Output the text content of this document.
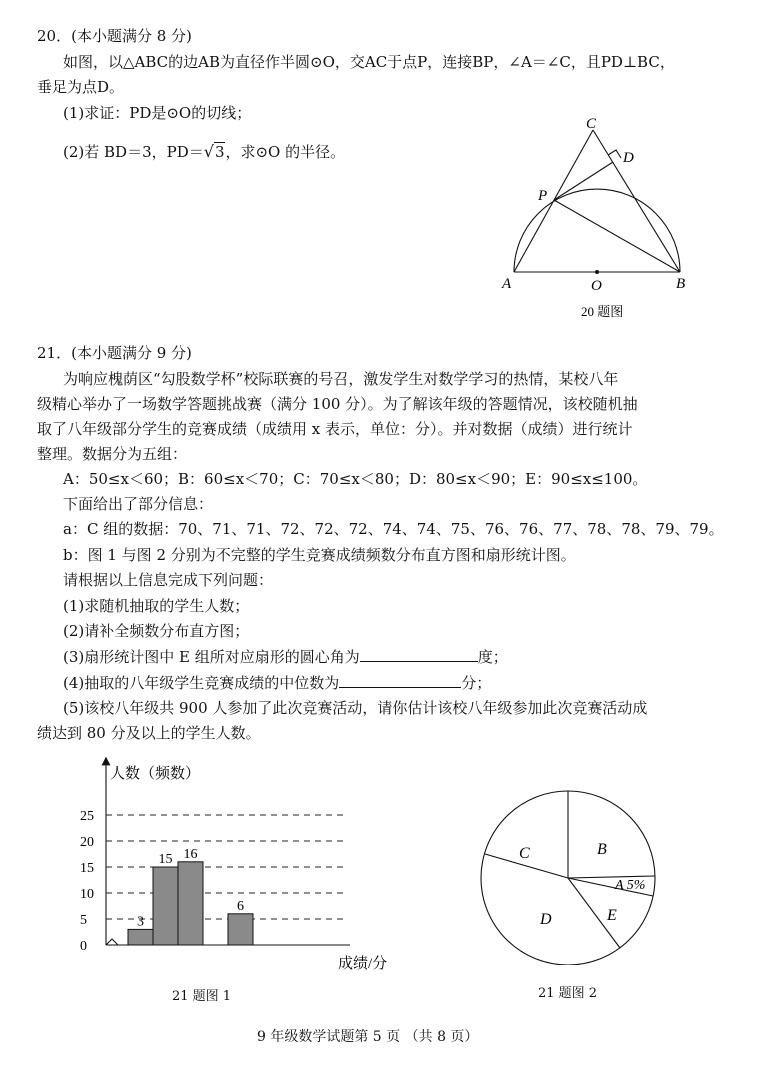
20．(本小题满分 8 分)
如图，以△ABC的边AB为直径作半圆⊙O，交AC于点P，连接BP，∠A＝∠C，且PD⊥BC，
垂足为点D。
(1)求证：PD是⊙O的切线；
(2)若 BD＝3，PD＝√3，求⊙O 的半径。
C
D
P
A	O	B
20 题图
21．(本小题满分 9 分)
为响应槐荫区“勾股数学杯”校际联赛的号召，激发学生对数学学习的热情，某校八年
级精心举办了一场数学答题挑战赛（满分 100 分）。为了解该年级的答题情况，该校随机抽
取了八年级部分学生的竞赛成绩（成绩用 x 表示，单位：分）。并对数据（成绩）进行统计
整理。数据分为五组：
A：50≤x＜60；B：60≤x＜70；C：70≤x＜80；D：80≤x＜90；E：90≤x≤100。
下面给出了部分信息：
a：C 组的数据：70、71、71、72、72、72、74、74、75、76、76、77、78、78、79、79。
b：图 1 与图 2 分别为不完整的学生竞赛成绩频数分布直方图和扇形统计图。
请根据以上信息完成下列问题：
(1)求随机抽取的学生人数；
(2)请补全频数分布直方图；
(3)扇形统计图中 E 组所对应扇形的圆心角为	度；
(4)抽取的八年级学生竞赛成绩的中位数为	分；
(5)该校八年级共 900 人参加了此次竞赛活动，请你估计该校八年级参加此次竞赛活动成
绩达到 80 分及以上的学生人数。
人数（频数）
成绩/分
0
5
10
15
20
25
3
15 16
6
21 题图 1
B
A 5%
E
D
C
21 题图 2
9 年级数学试题第 5 页 （共 8 页）
